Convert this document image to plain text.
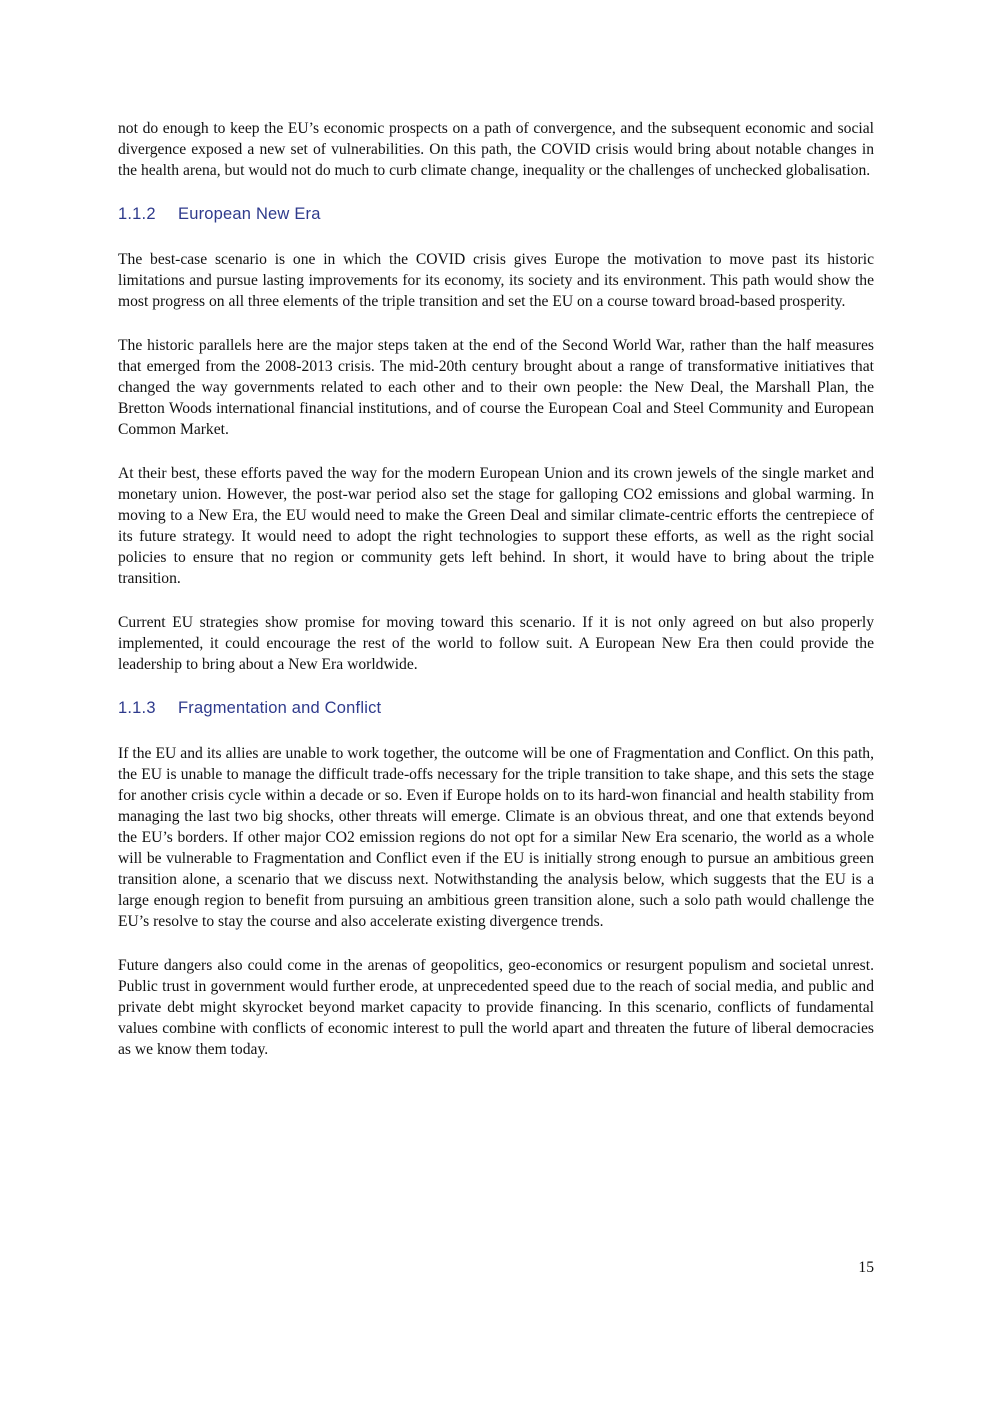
not do enough to keep the EU’s economic prospects on a path of convergence, and the subsequent economic and social divergence exposed a new set of vulnerabilities. On this path, the COVID crisis would bring about notable changes in the health arena, but would not do much to curb climate change, inequality or the challenges of unchecked globalisation.

1.1.2 European New Era

The best-case scenario is one in which the COVID crisis gives Europe the motivation to move past its historic limitations and pursue lasting improvements for its economy, its society and its environment. This path would show the most progress on all three elements of the triple transition and set the EU on a course toward broad-based prosperity.

The historic parallels here are the major steps taken at the end of the Second World War, rather than the half measures that emerged from the 2008-2013 crisis. The mid-20th century brought about a range of transformative initiatives that changed the way governments related to each other and to their own people: the New Deal, the Marshall Plan, the Bretton Woods international financial institutions, and of course the European Coal and Steel Community and European Common Market.

At their best, these efforts paved the way for the modern European Union and its crown jewels of the single market and monetary union. However, the post-war period also set the stage for galloping CO2 emissions and global warming. In moving to a New Era, the EU would need to make the Green Deal and similar climate-centric efforts the centrepiece of its future strategy. It would need to adopt the right technologies to support these efforts, as well as the right social policies to ensure that no region or community gets left behind. In short, it would have to bring about the triple transition.

Current EU strategies show promise for moving toward this scenario. If it is not only agreed on but also properly implemented, it could encourage the rest of the world to follow suit. A European New Era then could provide the leadership to bring about a New Era worldwide.

1.1.3 Fragmentation and Conflict

If the EU and its allies are unable to work together, the outcome will be one of Fragmentation and Conflict. On this path, the EU is unable to manage the difficult trade-offs necessary for the triple transition to take shape, and this sets the stage for another crisis cycle within a decade or so. Even if Europe holds on to its hard-won financial and health stability from managing the last two big shocks, other threats will emerge. Climate is an obvious threat, and one that extends beyond the EU’s borders. If other major CO2 emission regions do not opt for a similar New Era scenario, the world as a whole will be vulnerable to Fragmentation and Conflict even if the EU is initially strong enough to pursue an ambitious green transition alone, a scenario that we discuss next. Notwithstanding the analysis below, which suggests that the EU is a large enough region to benefit from pursuing an ambitious green transition alone, such a solo path would challenge the EU’s resolve to stay the course and also accelerate existing divergence trends.

Future dangers also could come in the arenas of geopolitics, geo-economics or resurgent populism and societal unrest. Public trust in government would further erode, at unprecedented speed due to the reach of social media, and public and private debt might skyrocket beyond market capacity to provide financing. In this scenario, conflicts of fundamental values combine with conflicts of economic interest to pull the world apart and threaten the future of liberal democracies as we know them today.

15
